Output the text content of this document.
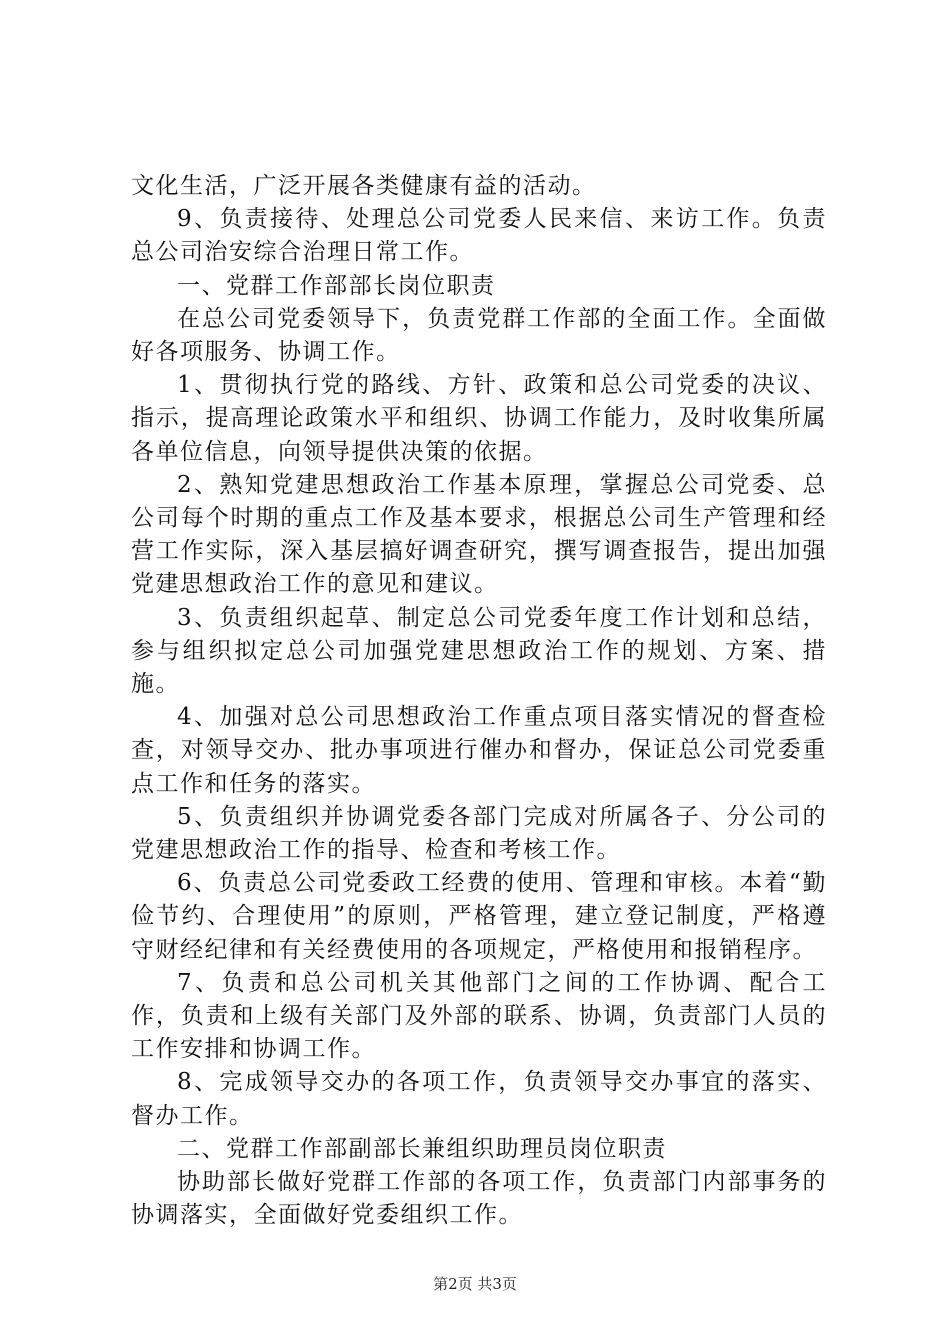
文化生活，广泛开展各类健康有益的活动。

9、负责接待、处理总公司党委人民来信、来访工作。负责总公司治安综合治理日常工作。

一、党群工作部部长岗位职责

在总公司党委领导下，负责党群工作部的全面工作。全面做好各项服务、协调工作。

1、贯彻执行党的路线、方针、政策和总公司党委的决议、指示，提高理论政策水平和组织、协调工作能力，及时收集所属各单位信息，向领导提供决策的依据。

2、熟知党建思想政治工作基本原理，掌握总公司党委、总公司每个时期的重点工作及基本要求，根据总公司生产管理和经营工作实际，深入基层搞好调查研究，撰写调查报告，提出加强党建思想政治工作的意见和建议。

3、负责组织起草、制定总公司党委年度工作计划和总结，参与组织拟定总公司加强党建思想政治工作的规划、方案、措施。

4、加强对总公司思想政治工作重点项目落实情况的督查检查，对领导交办、批办事项进行催办和督办，保证总公司党委重点工作和任务的落实。

5、负责组织并协调党委各部门完成对所属各子、分公司的党建思想政治工作的指导、检查和考核工作。

6、负责总公司党委政工经费的使用、管理和审核。本着“勤俭节约、合理使用”的原则，严格管理，建立登记制度，严格遵守财经纪律和有关经费使用的各项规定，严格使用和报销程序。

7、负责和总公司机关其他部门之间的工作协调、配合工作，负责和上级有关部门及外部的联系、协调，负责部门人员的工作安排和协调工作。

8、完成领导交办的各项工作，负责领导交办事宜的落实、督办工作。

二、党群工作部副部长兼组织助理员岗位职责

协助部长做好党群工作部的各项工作，负责部门内部事务的协调落实，全面做好党委组织工作。

第2页 共3页
